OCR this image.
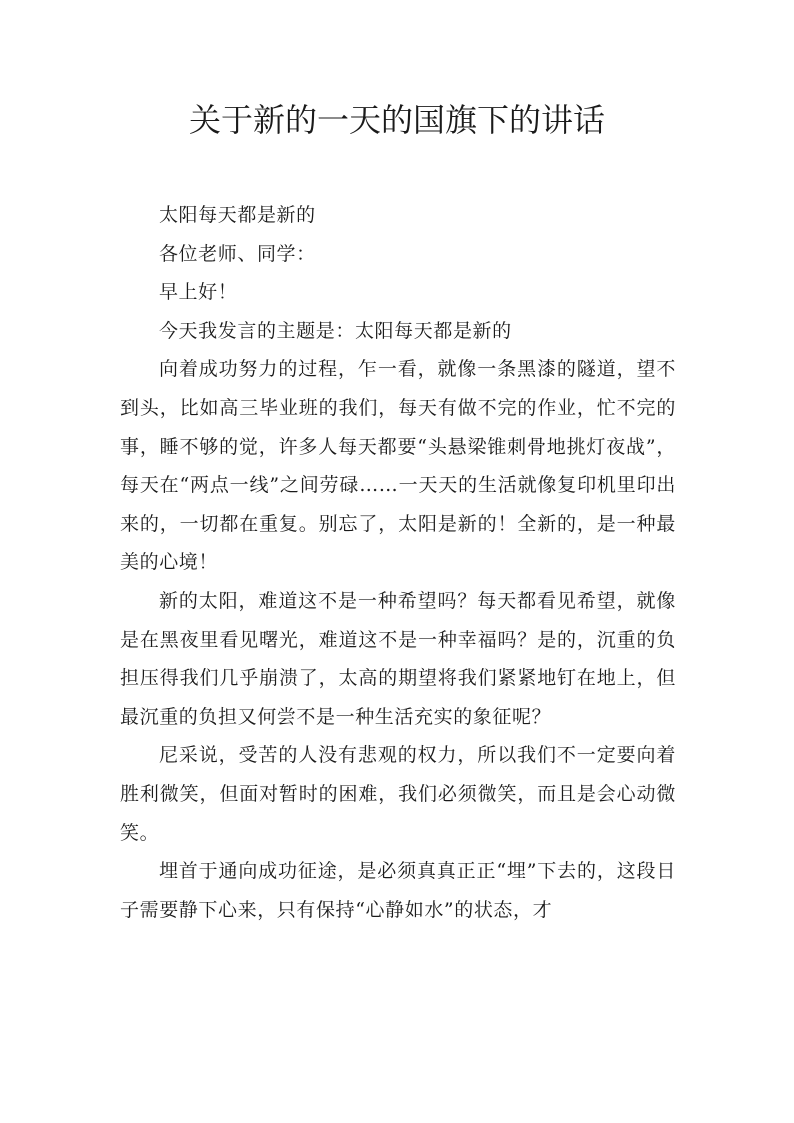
关于新的一天的国旗下的讲话

太阳每天都是新的

各位老师、同学：

早上好！

今天我发言的主题是：太阳每天都是新的

向着成功努力的过程，乍一看，就像一条黑漆的隧道，望不到头，比如高三毕业班的我们，每天有做不完的作业，忙不完的事，睡不够的觉，许多人每天都要“头悬梁锥刺骨地挑灯夜战”，每天在“两点一线”之间劳碌……一天天的生活就像复印机里印出来的，一切都在重复。别忘了，太阳是新的！全新的，是一种最美的心境！

新的太阳，难道这不是一种希望吗？每天都看见希望，就像是在黑夜里看见曙光，难道这不是一种幸福吗？是的，沉重的负担压得我们几乎崩溃了，太高的期望将我们紧紧地钉在地上，但最沉重的负担又何尝不是一种生活充实的象征呢？

尼采说，受苦的人没有悲观的权力，所以我们不一定要向着胜利微笑，但面对暂时的困难，我们必须微笑，而且是会心动微笑。

埋首于通向成功征途，是必须真真正正“埋”下去的，这段日子需要静下心来，只有保持“心静如水”的状态，才
